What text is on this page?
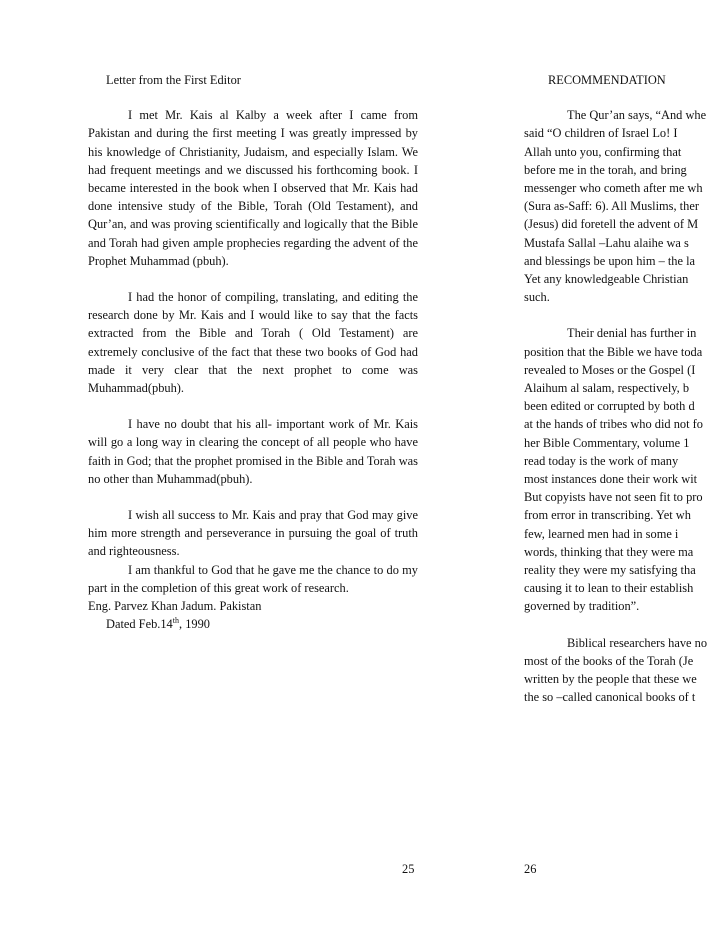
Letter from the First Editor

I met Mr. Kais al Kalby a week after I came from Pakistan and during the first meeting I was greatly impressed by his knowledge of Christianity, Judaism, and especially Islam. We had frequent meetings and we discussed his forthcoming book. I became interested in the book when I observed that Mr. Kais had done intensive study of the Bible, Torah (Old Testament), and Qur’an, and was proving scientifically and logically that the Bible and Torah had given ample prophecies regarding the advent of the Prophet Muhammad (pbuh).

I had the honor of compiling, translating, and editing the research done by Mr. Kais and I would like to say that the facts extracted from the Bible and Torah ( Old Testament) are extremely conclusive of the fact that these two books of God had made it very clear that the next prophet to come was Muhammad(pbuh).

I have no doubt that his all- important work of Mr. Kais will go a long way in clearing the concept of all people who have faith in God; that the prophet promised in the Bible and Torah was no other than Muhammad(pbuh).

I wish all success to Mr. Kais and pray that God may give him more strength and perseverance in pursuing the goal of truth and righteousness.

I am thankful to God that he gave me the chance to do my part in the completion of this great work of research.

Eng. Parvez Khan Jadum. Pakistan
Dated Feb.14th, 1990
25
RECOMMENDATION
The Qur’an says, “And whe
said “O children of Israel Lo! I
Allah unto you, confirming that
before me in the torah, and bring
messenger who cometh after me wh
(Sura as-Saff: 6). All Muslims, ther
(Jesus) did foretell the advent of M
Mustafa Sallal –Lahu alaihe wa s
and blessings be upon him – the la
Yet any knowledgeable Christian
such.
Their denial has further in
position that the Bible we have toda
revealed to Moses or the Gospel (I
Alaihum al salam, respectively, b
been edited or corrupted by both d
at the hands of tribes who did not fo
her Bible Commentary, volume 1
read today is the work of many
most instances done their work wit
But copyists have not seen fit to pro
from error in transcribing. Yet wh
few, learned men had in some i
words, thinking that they were ma
reality they were my satisfying tha
causing it to lean to their establish
governed by tradition”.
Biblical researchers have no
most of the books of the Torah (Je
written by the people that these we
the so –called canonical books of t
26
